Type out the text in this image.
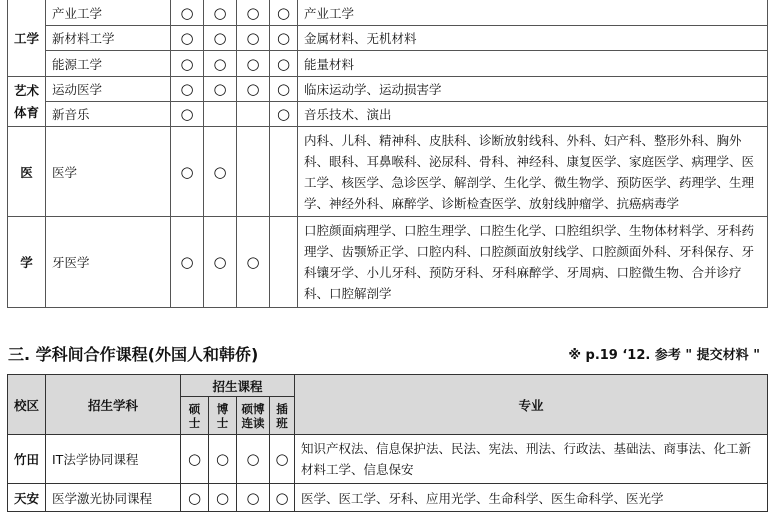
工学	产业工学	○	○	○	○	产业工学
	新材料工学	○	○	○	○	金属材料、无机材料
	能源工学	○	○	○	○	能量材料
艺术体育	运动医学	○	○	○	○	临床运动学、运动损害学
	新音乐	○			○	音乐技术、演出
医	医学	○	○			内科、儿科、精神科、皮肤科、诊断放射线科、外科、妇产科、整形外科、胸外科、眼科、耳鼻喉科、泌尿科、骨科、神经科、康复医学、家庭医学、病理学、医工学、核医学、急诊医学、解剖学、生化学、微生物学、预防医学、药理学、生理学、神经外科、麻醉学、诊断检查医学、放射线肿瘤学、抗癌病毒学
学	牙医学	○	○	○		口腔颜面病理学、口腔生理学、口腔生化学、口腔组织学、生物体材料学、牙科药理学、齿颚矫正学、口腔内科、口腔颜面放射线学、口腔颜面外科、牙科保存、牙科镶牙学、小儿牙科、预防牙科、牙科麻醉学、牙周病、口腔微生物、合并诊疗科、口腔解剖学
三. 学科间合作课程(外国人和韩侨)	※ p.19 ‘12. 参考 " 提交材料 "
校区	招生学科	招生课程				专业

		硕士	博士	硕博连读	插班	

竹田	IT法学协同课程	○	○	○	○	知识产权法、信息保护法、民法、宪法、刑法、行政法、基础法、商事法、化工新材料工学、信息保安
天安	医学激光协同课程	○	○	○	○	医学、医工学、牙科、应用光学、生命科学、医生命科学、医光学
